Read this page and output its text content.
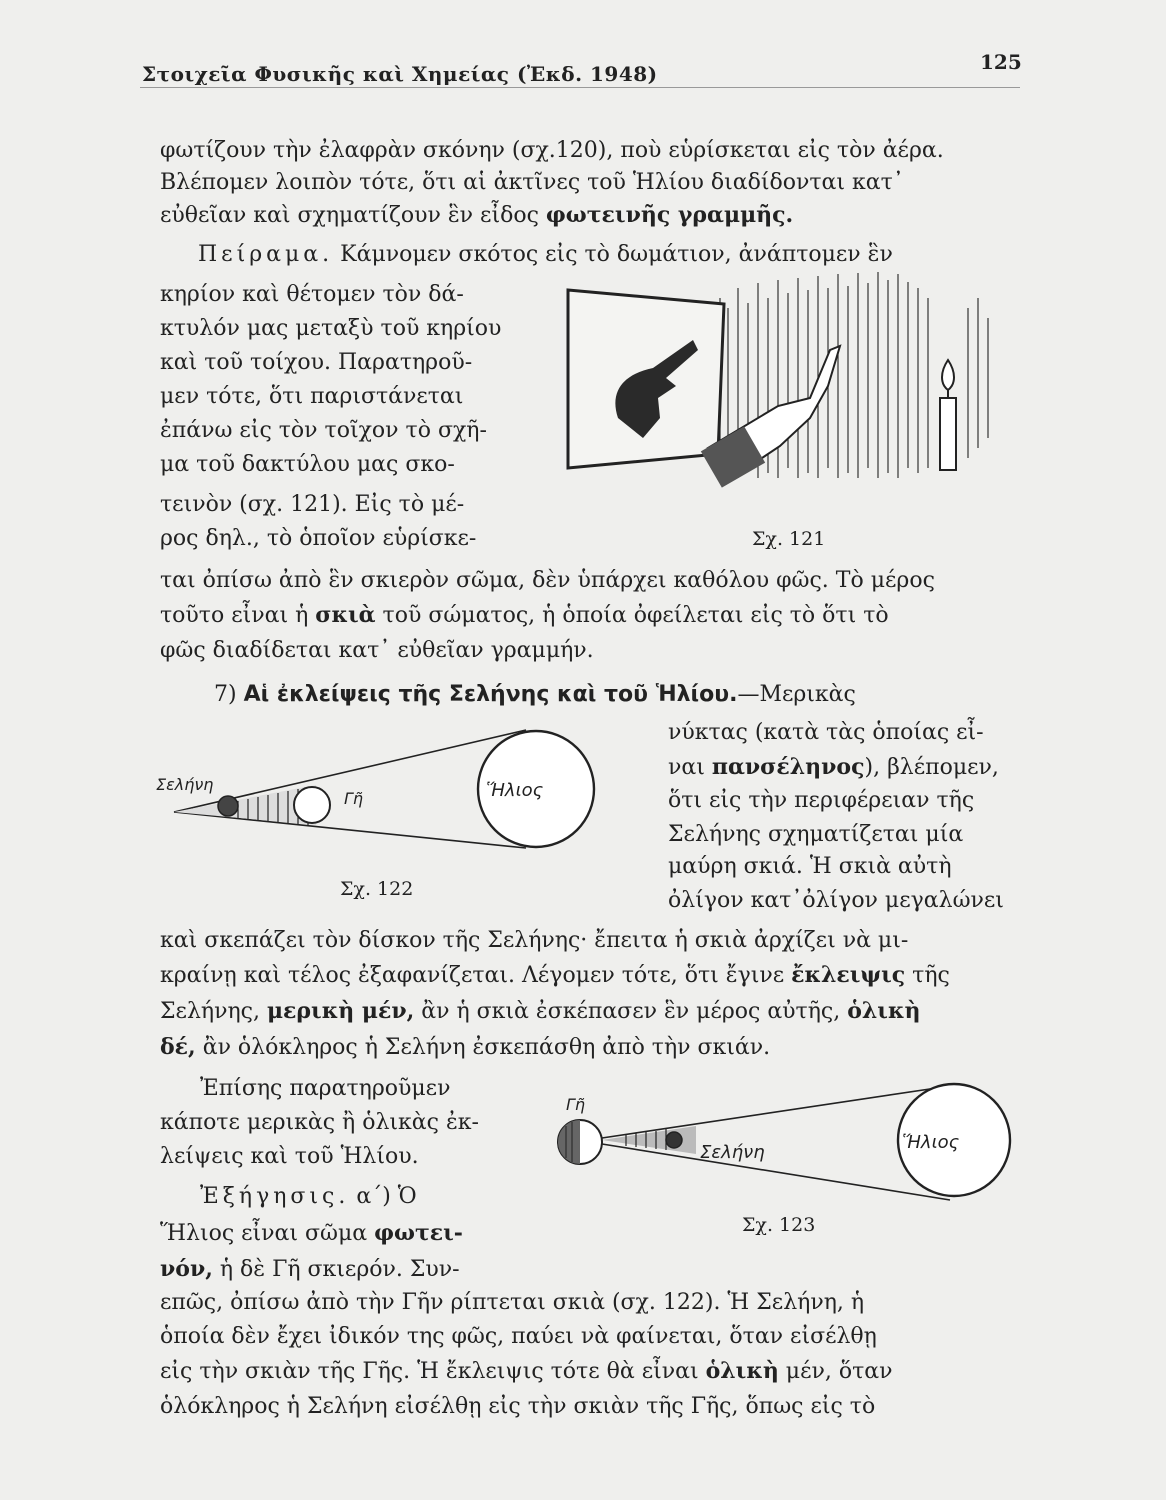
Στοιχεῖα Φυσικῆς καὶ Χημείας (Ἐκδ. 1948)	125
φωτίζουν τὴν ἐλαφρὰν σκόνην (σχ.120), ποὺ εὑρίσκεται εἰς τὸν ἀέρα.
Βλέπομεν λοιπὸν τότε, ὅτι αἱ ἀκτῖνες τοῦ Ἡλίου διαδίδονται κατ᾿
εὐθεῖαν καὶ σχηματίζουν ἓν εἶδος φωτεινῆς γραμμῆς.
Πείραμα. Κάμνομεν σκότος εἰς τὸ δωμάτιον, ἀνάπτομεν ἓν
κηρίον καὶ θέτομεν τὸν δά-
κτυλόν μας μεταξὺ τοῦ κηρίου
καὶ τοῦ τοίχου. Παρατηροῦ-
μεν τότε, ὅτι παριστάνεται
ἐπάνω εἰς τὸν τοῖχον τὸ σχῆ-
μα τοῦ δακτύλου μας σκο-
τεινὸν (σχ. 121). Εἰς τὸ μέ-
ρος δηλ., τὸ ὁποῖον εὑρίσκε-
ται ὀπίσω ἀπὸ ἓν σκιερὸν σῶμα, δὲν ὑπάρχει καθόλου φῶς. Τὸ μέρος
τοῦτο εἶναι ἡ σκιὰ τοῦ σώματος, ἡ ὁποία ὀφείλεται εἰς τὸ ὅτι τὸ
φῶς διαδίδεται κατ᾿ εὐθεῖαν γραμμήν.
Σχ. 121
7) Αἱ ἐκλείψεις τῆς Σελήνης καὶ τοῦ Ἡλίου.—Μερικὰς
Σελήνη
Γῆ	Ἥλιος
Σχ. 122
νύκτας (κατὰ τὰς ὁποίας εἶ-
ναι πανσέληνος), βλέπομεν,
ὅτι εἰς τὴν περιφέρειαν τῆς
Σελήνης σχηματίζεται μία
μαύρη σκιά. Ἡ σκιὰ αὐτὴ
ὀλίγον κατ᾿ὀλίγον μεγαλώνει
καὶ σκεπάζει τὸν δίσκον τῆς Σελήνης· ἔπειτα ἡ σκιὰ ἀρχίζει νὰ μι-
κραίνῃ καὶ τέλος ἐξαφανίζεται. Λέγομεν τότε, ὅτι ἔγινε ἔκλειψις τῆς
Σελήνης, μερικὴ μέν, ἂν ἡ σκιὰ ἐσκέπασεν ἓν μέρος αὐτῆς, ὁλικὴ
δέ, ἂν ὁλόκληρος ἡ Σελήνη ἐσκεπάσθη ἀπὸ τὴν σκιάν.
Ἐπίσης παρατηροῦμεν
κάποτε μερικὰς ἢ ὁλικὰς ἐκ-
λείψεις καὶ τοῦ Ἡλίου.
Γῆ
Σελήνη	Ἥλιος
Σχ. 123
Ἐξήγησις. α΄) Ὁ
Ἥλιος εἶναι σῶμα φωτει-
νόν, ἡ δὲ Γῆ σκιερόν. Συν-
επῶς, ὀπίσω ἀπὸ τὴν Γῆν ρίπτεται σκιὰ (σχ. 122). Ἡ Σελήνη, ἡ
ὁποία δὲν ἔχει ἰδικόν της φῶς, παύει νὰ φαίνεται, ὅταν εἰσέλθῃ
εἰς τὴν σκιὰν τῆς Γῆς. Ἡ ἔκλειψις τότε θὰ εἶναι ὁλικὴ μέν, ὅταν
ὁλόκληρος ἡ Σελήνη εἰσέλθῃ εἰς τὴν σκιὰν τῆς Γῆς, ὅπως εἰς τὸ
